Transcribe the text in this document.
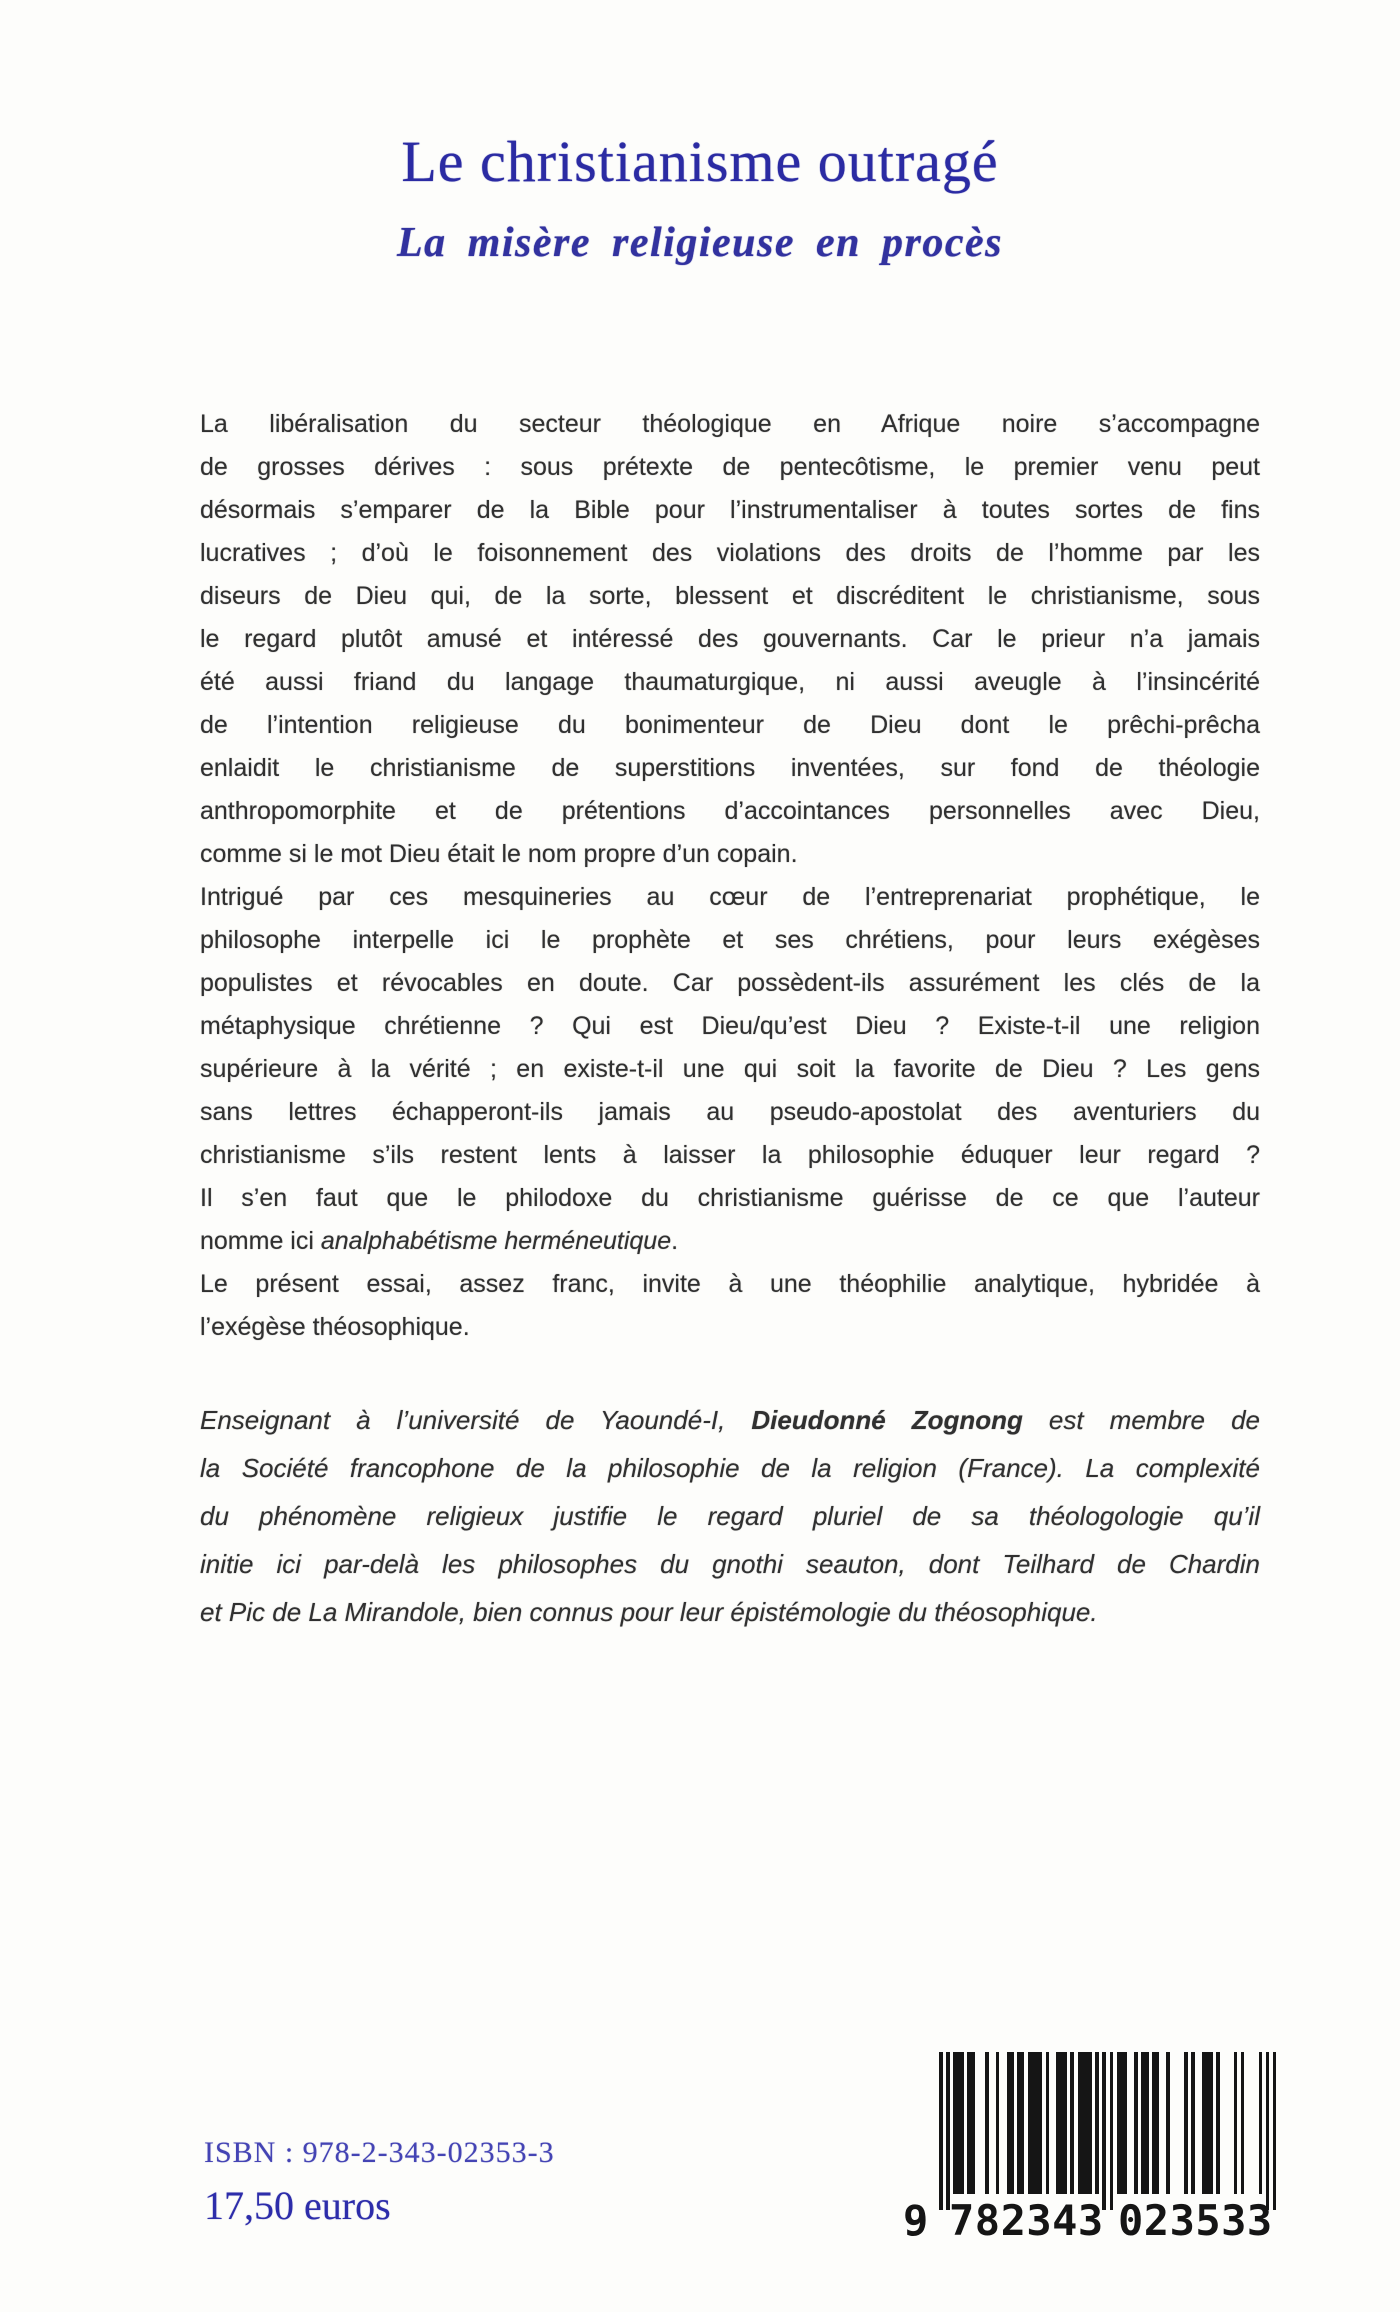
Le christianisme outragé
La misère religieuse en procès
La libéralisation du secteur théologique en Afrique noire s’accompagne
de grosses dérives : sous prétexte de pentecôtisme, le premier venu peut
désormais s’emparer de la Bible pour l’instrumentaliser à toutes sortes de fins
lucratives ; d’où le foisonnement des violations des droits de l’homme par les
diseurs de Dieu qui, de la sorte, blessent et discréditent le christianisme, sous
le regard plutôt amusé et intéressé des gouvernants. Car le prieur n’a jamais
été aussi friand du langage thaumaturgique, ni aussi aveugle à l’insincérité
de l’intention religieuse du bonimenteur de Dieu dont le prêchi-prêcha
enlaidit le christianisme de superstitions inventées, sur fond de théologie
anthropomorphite et de prétentions d’accointances personnelles avec Dieu,
comme si le mot Dieu était le nom propre d’un copain.
Intrigué par ces mesquineries au cœur de l’entreprenariat prophétique, le
philosophe interpelle ici le prophète et ses chrétiens, pour leurs exégèses
populistes et révocables en doute. Car possèdent-ils assurément les clés de la
métaphysique chrétienne ? Qui est Dieu/qu’est Dieu ? Existe-t-il une religion
supérieure à la vérité ; en existe-t-il une qui soit la favorite de Dieu ? Les gens
sans lettres échapperont-ils jamais au pseudo-apostolat des aventuriers du
christianisme s’ils restent lents à laisser la philosophie éduquer leur regard ?
Il s’en faut que le philodoxe du christianisme guérisse de ce que l’auteur
nomme ici analphabétisme herméneutique.
Le présent essai, assez franc, invite à une théophilie analytique, hybridée à
l’exégèse théosophique.
Enseignant à l’université de Yaoundé-I, Dieudonné Zognong est membre de
la Société francophone de la philosophie de la religion (France). La complexité
du phénomène religieux justifie le regard pluriel de sa théologologie qu’il
initie ici par-delà les philosophes du gnothi seauton, dont Teilhard de Chardin
et Pic de La Mirandole, bien connus pour leur épistémologie du théosophique.
ISBN : 978-2-343-02353-3
17,50 euros	9 782343 023533
